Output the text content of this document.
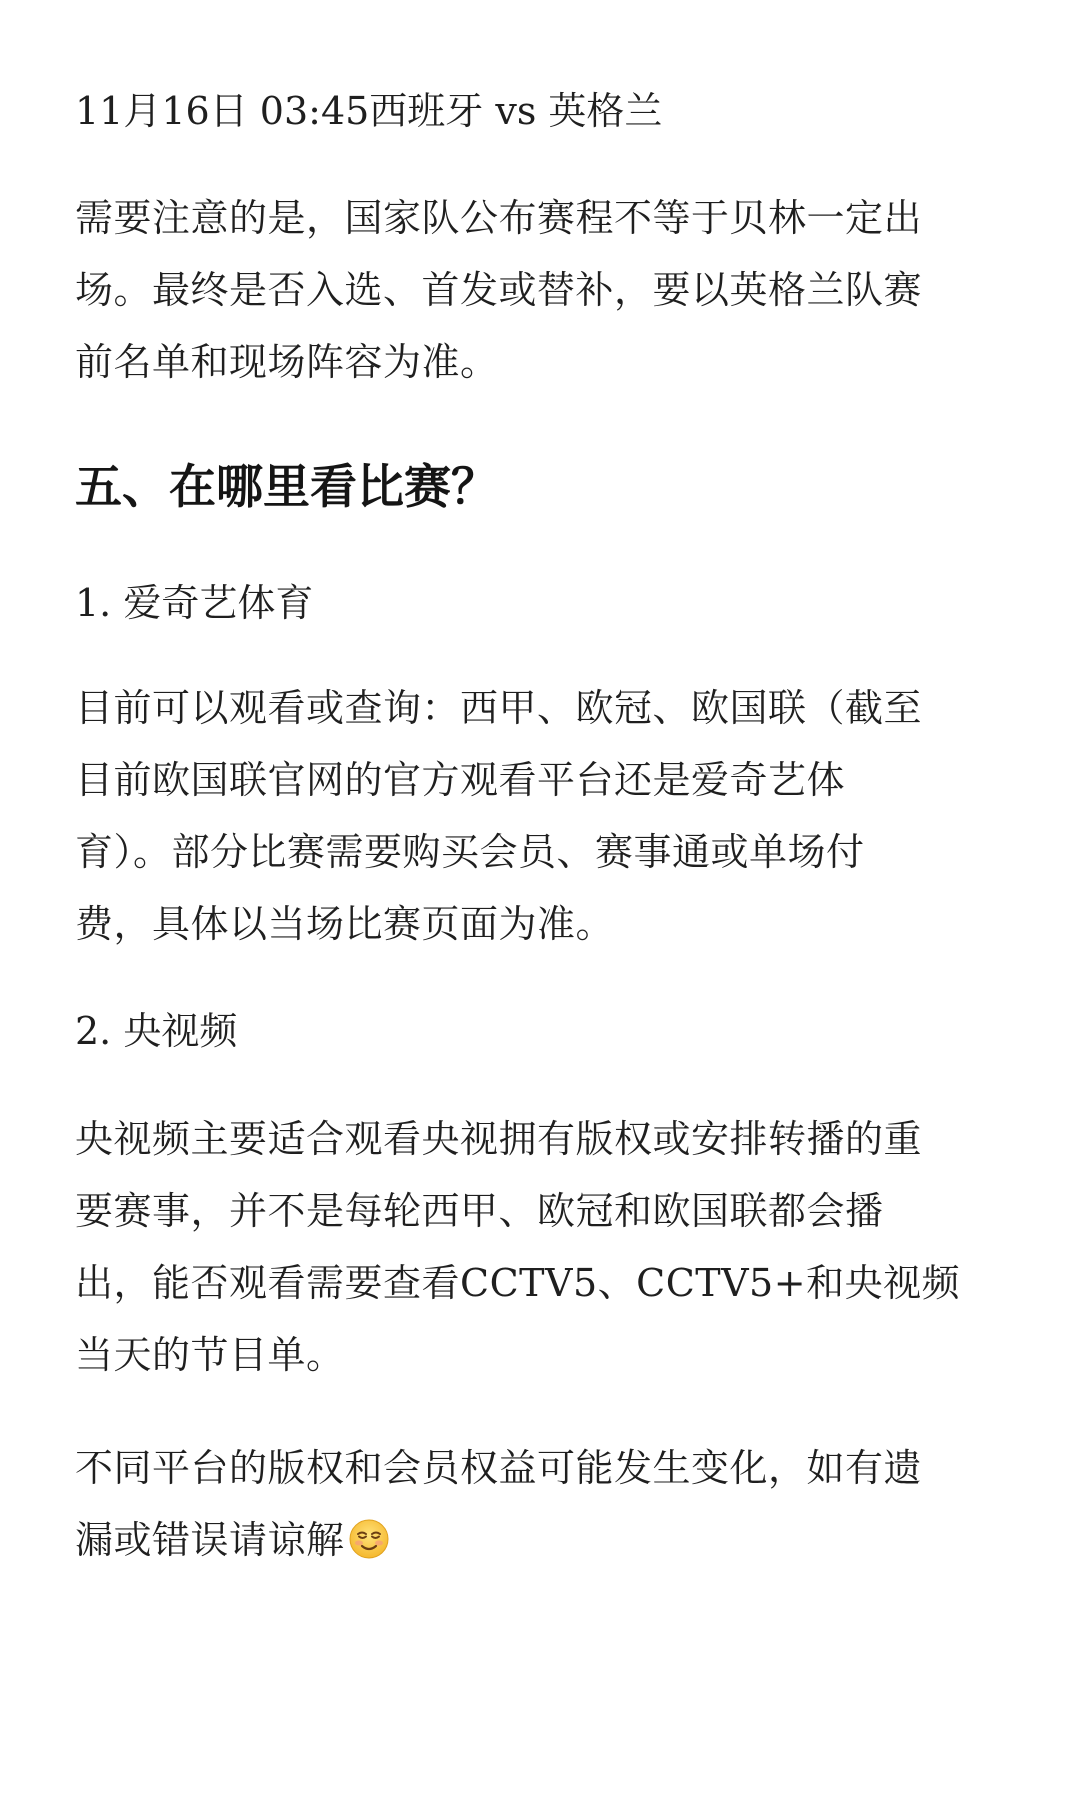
11月16日 03:45西班牙 vs 英格兰

需要注意的是，国家队公布赛程不等于贝林一定出

场。最终是否入选、首发或替补，要以英格兰队赛

前名单和现场阵容为准。

五、在哪里看比赛？

1. 爱奇艺体育

目前可以观看或查询：西甲、欧冠、欧国联（截至

目前欧国联官网的官方观看平台还是爱奇艺体

育）。部分比赛需要购买会员、赛事通或单场付

费，具体以当场比赛页面为准。

2. 央视频

央视频主要适合观看央视拥有版权或安排转播的重

要赛事，并不是每轮西甲、欧冠和欧国联都会播

出，能否观看需要查看CCTV5、CCTV5+和央视频

当天的节目单。

不同平台的版权和会员权益可能发生变化，如有遗

漏或错误请谅解
